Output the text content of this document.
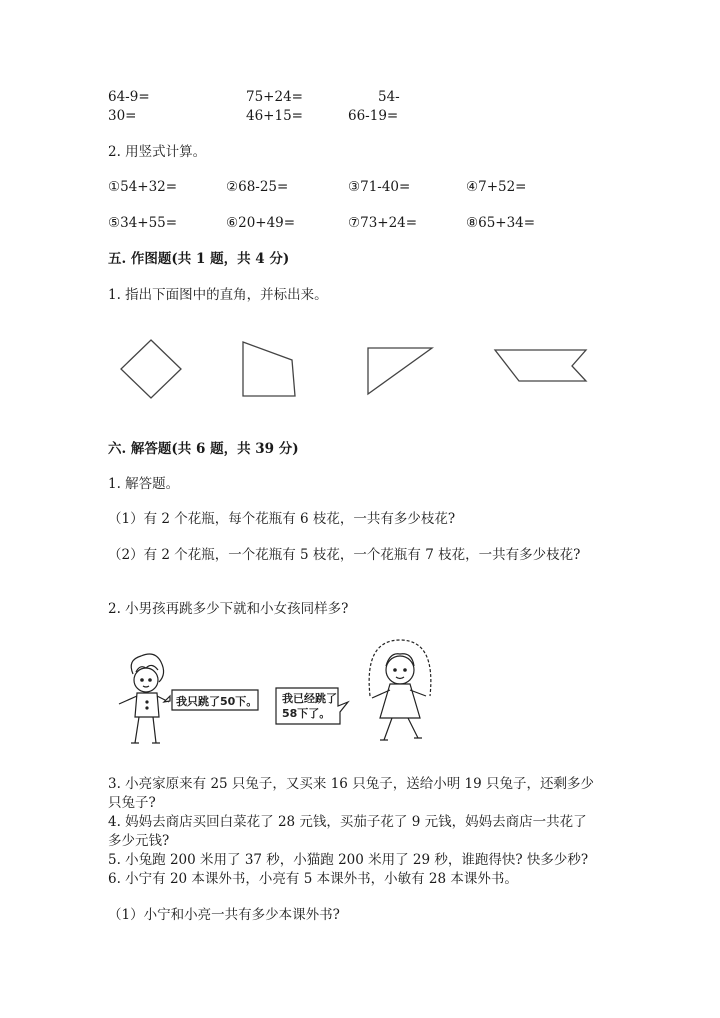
64-9=	75+24=	54-
30=	46+15=	66-19=
2. 用竖式计算。
①54+32=	②68-25=	③71-40=	④7+52=
⑤34+55=	⑥20+49=	⑦73+24=	⑧65+34=
五. 作图题(共 1 题，共 4 分)
1. 指出下面图中的直角，并标出来。
六. 解答题(共 6 题，共 39 分)
1. 解答题。
（1）有 2 个花瓶，每个花瓶有 6 枝花，一共有多少枝花?
（2）有 2 个花瓶，一个花瓶有 5 枝花，一个花瓶有 7 枝花，一共有多少枝花?
2. 小男孩再跳多少下就和小女孩同样多?
我只跳了50下。 我已经跳了
58下了。
3. 小亮家原来有 25 只兔子，又买来 16 只兔子，送给小明 19 只兔子，还剩多少
只兔子?
4. 妈妈去商店买回白菜花了 28 元钱，买茄子花了 9 元钱，妈妈去商店一共花了
多少元钱?
5. 小兔跑 200 米用了 37 秒，小猫跑 200 米用了 29 秒，谁跑得快? 快多少秒?
6. 小宁有 20 本课外书，小亮有 5 本课外书，小敏有 28 本课外书。
（1）小宁和小亮一共有多少本课外书?
